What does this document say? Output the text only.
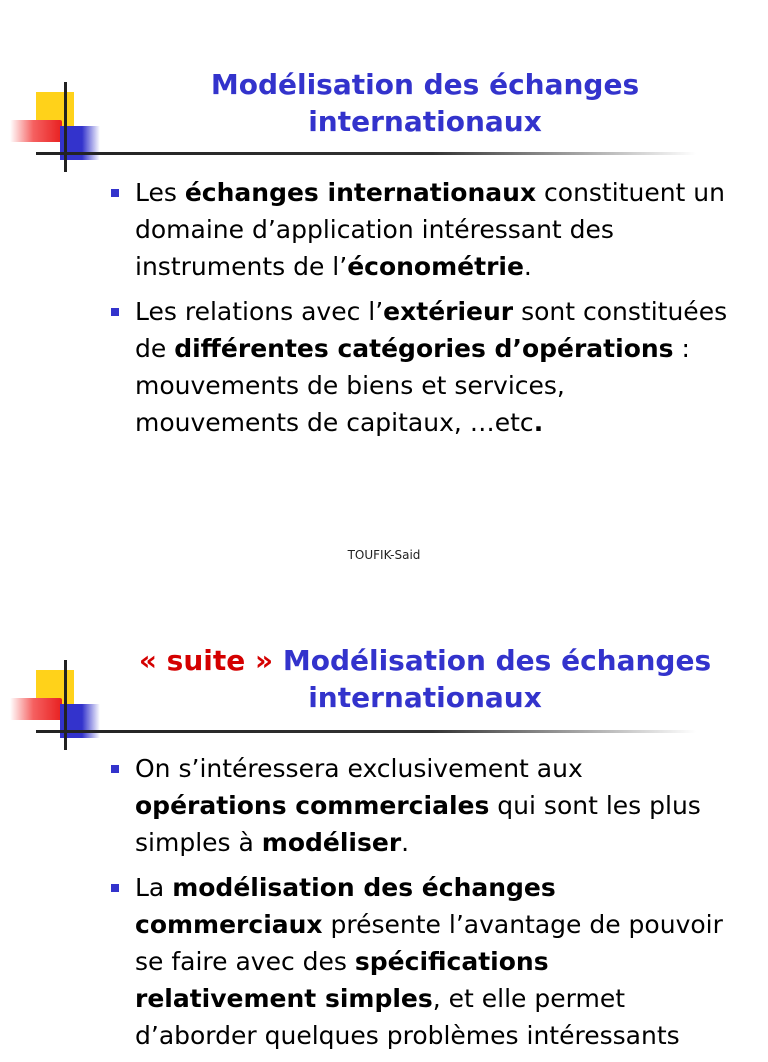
Modélisation des échanges internationaux
Les échanges internationaux constituent un domaine d’application intéressant des instruments de l’économétrie.
Les relations avec l’extérieur sont constituées de différentes catégories d’opérations : mouvements de biens et services, mouvements de capitaux, …etc.
TOUFIK-Said
« suite » Modélisation des échanges internationaux
On s’intéressera exclusivement aux opérations commerciales qui sont les plus simples à modéliser.
La modélisation des échanges commerciaux présente l’avantage de pouvoir se faire avec des spécifications relativement simples, et elle permet d’aborder quelques problèmes intéressants
